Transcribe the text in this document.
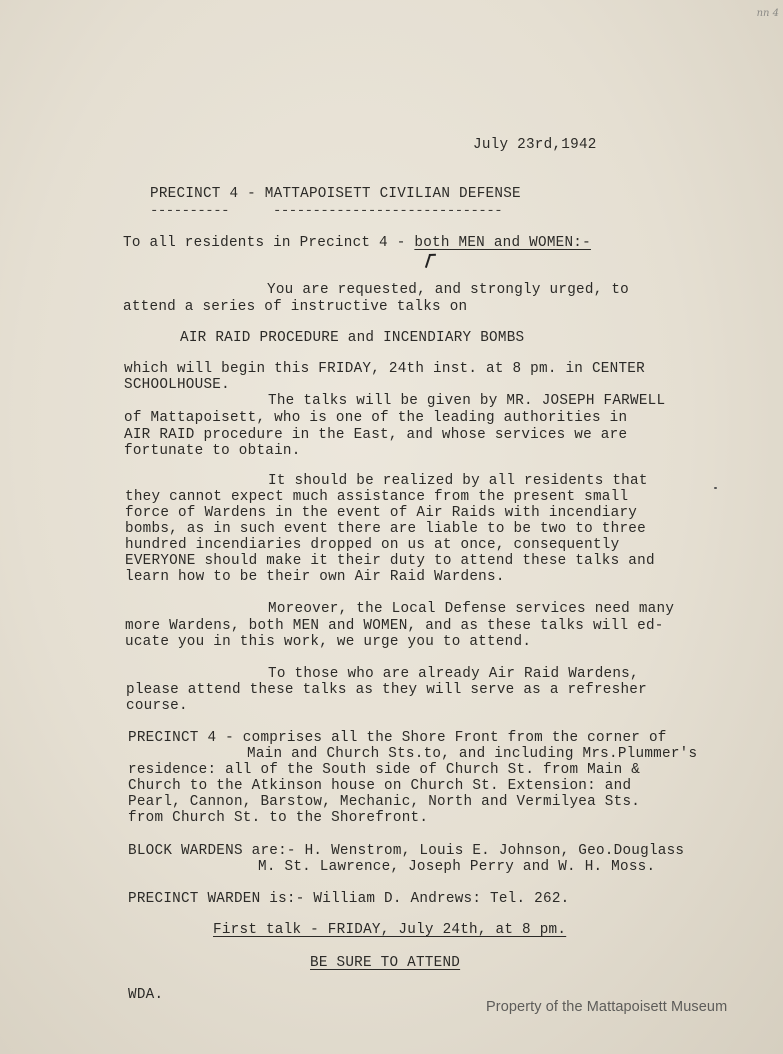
nn 4
July 23rd,1942
PRECINCT 4 - MATTAPOISETT CIVILIAN DEFENSE
----------	-----------------------------
To all residents in Precinct 4 - both MEN and WOMEN:-
You are requested, and strongly urged, to
attend a series of instructive talks on
AIR RAID PROCEDURE and INCENDIARY BOMBS
which will begin this FRIDAY, 24th inst. at 8 pm. in CENTER
SCHOOLHOUSE.
The talks will be given by MR. JOSEPH FARWELL
of Mattapoisett, who is one of the leading authorities in
AIR RAID procedure in the East, and whose services we are
fortunate to obtain.
It should be realized by all residents that
they cannot expect much assistance from the present small
force of Wardens in the event of Air Raids with incendiary
bombs, as in such event there are liable to be two to three
hundred incendiaries dropped on us at once, consequently
EVERYONE should make it their duty to attend these talks and
learn how to be their own Air Raid Wardens.
Moreover, the Local Defense services need many
more Wardens, both MEN and WOMEN, and as these talks will ed-
ucate you in this work, we urge you to attend.
To those who are already Air Raid Wardens,
please attend these talks as they will serve as a refresher
course.
PRECINCT 4 - comprises all the Shore Front from the corner of
Main and Church Sts.to, and including Mrs.Plummer's
residence: all of the South side of Church St. from Main &
Church to the Atkinson house on Church St. Extension: and
Pearl, Cannon, Barstow, Mechanic, North and Vermilyea Sts.
from Church St. to the Shorefront.
BLOCK WARDENS are:- H. Wenstrom, Louis E. Johnson, Geo.Douglass
M. St. Lawrence, Joseph Perry and W. H. Moss.
PRECINCT WARDEN is:- William D. Andrews: Tel. 262.
First talk - FRIDAY, July 24th, at 8 pm.
BE SURE TO ATTEND
WDA.
Property of the Mattapoisett Museum
